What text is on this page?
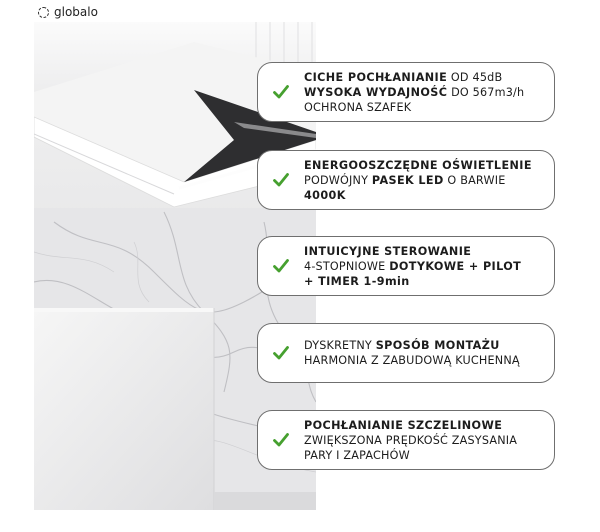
globalo
CICHE POCHŁANIANIE OD 45dB
WYSOKA WYDAJNOŚĆ DO 567m3/h
OCHRONA SZAFEK
ENERGOOSZCZĘDNE OŚWIETLENIE
PODWÓJNY PASEK LED O BARWIE
4000K
INTUICYJNE STEROWANIE
4-STOPNIOWE DOTYKOWE + PILOT
+ TIMER 1-9min
DYSKRETNY SPOSÓB MONTAŻU
HARMONIA Z ZABUDOWĄ KUCHENNĄ
POCHŁANIANIE SZCZELINOWE
ZWIĘKSZONA PRĘDKOŚĆ ZASYSANIA
PARY I ZAPACHÓW
